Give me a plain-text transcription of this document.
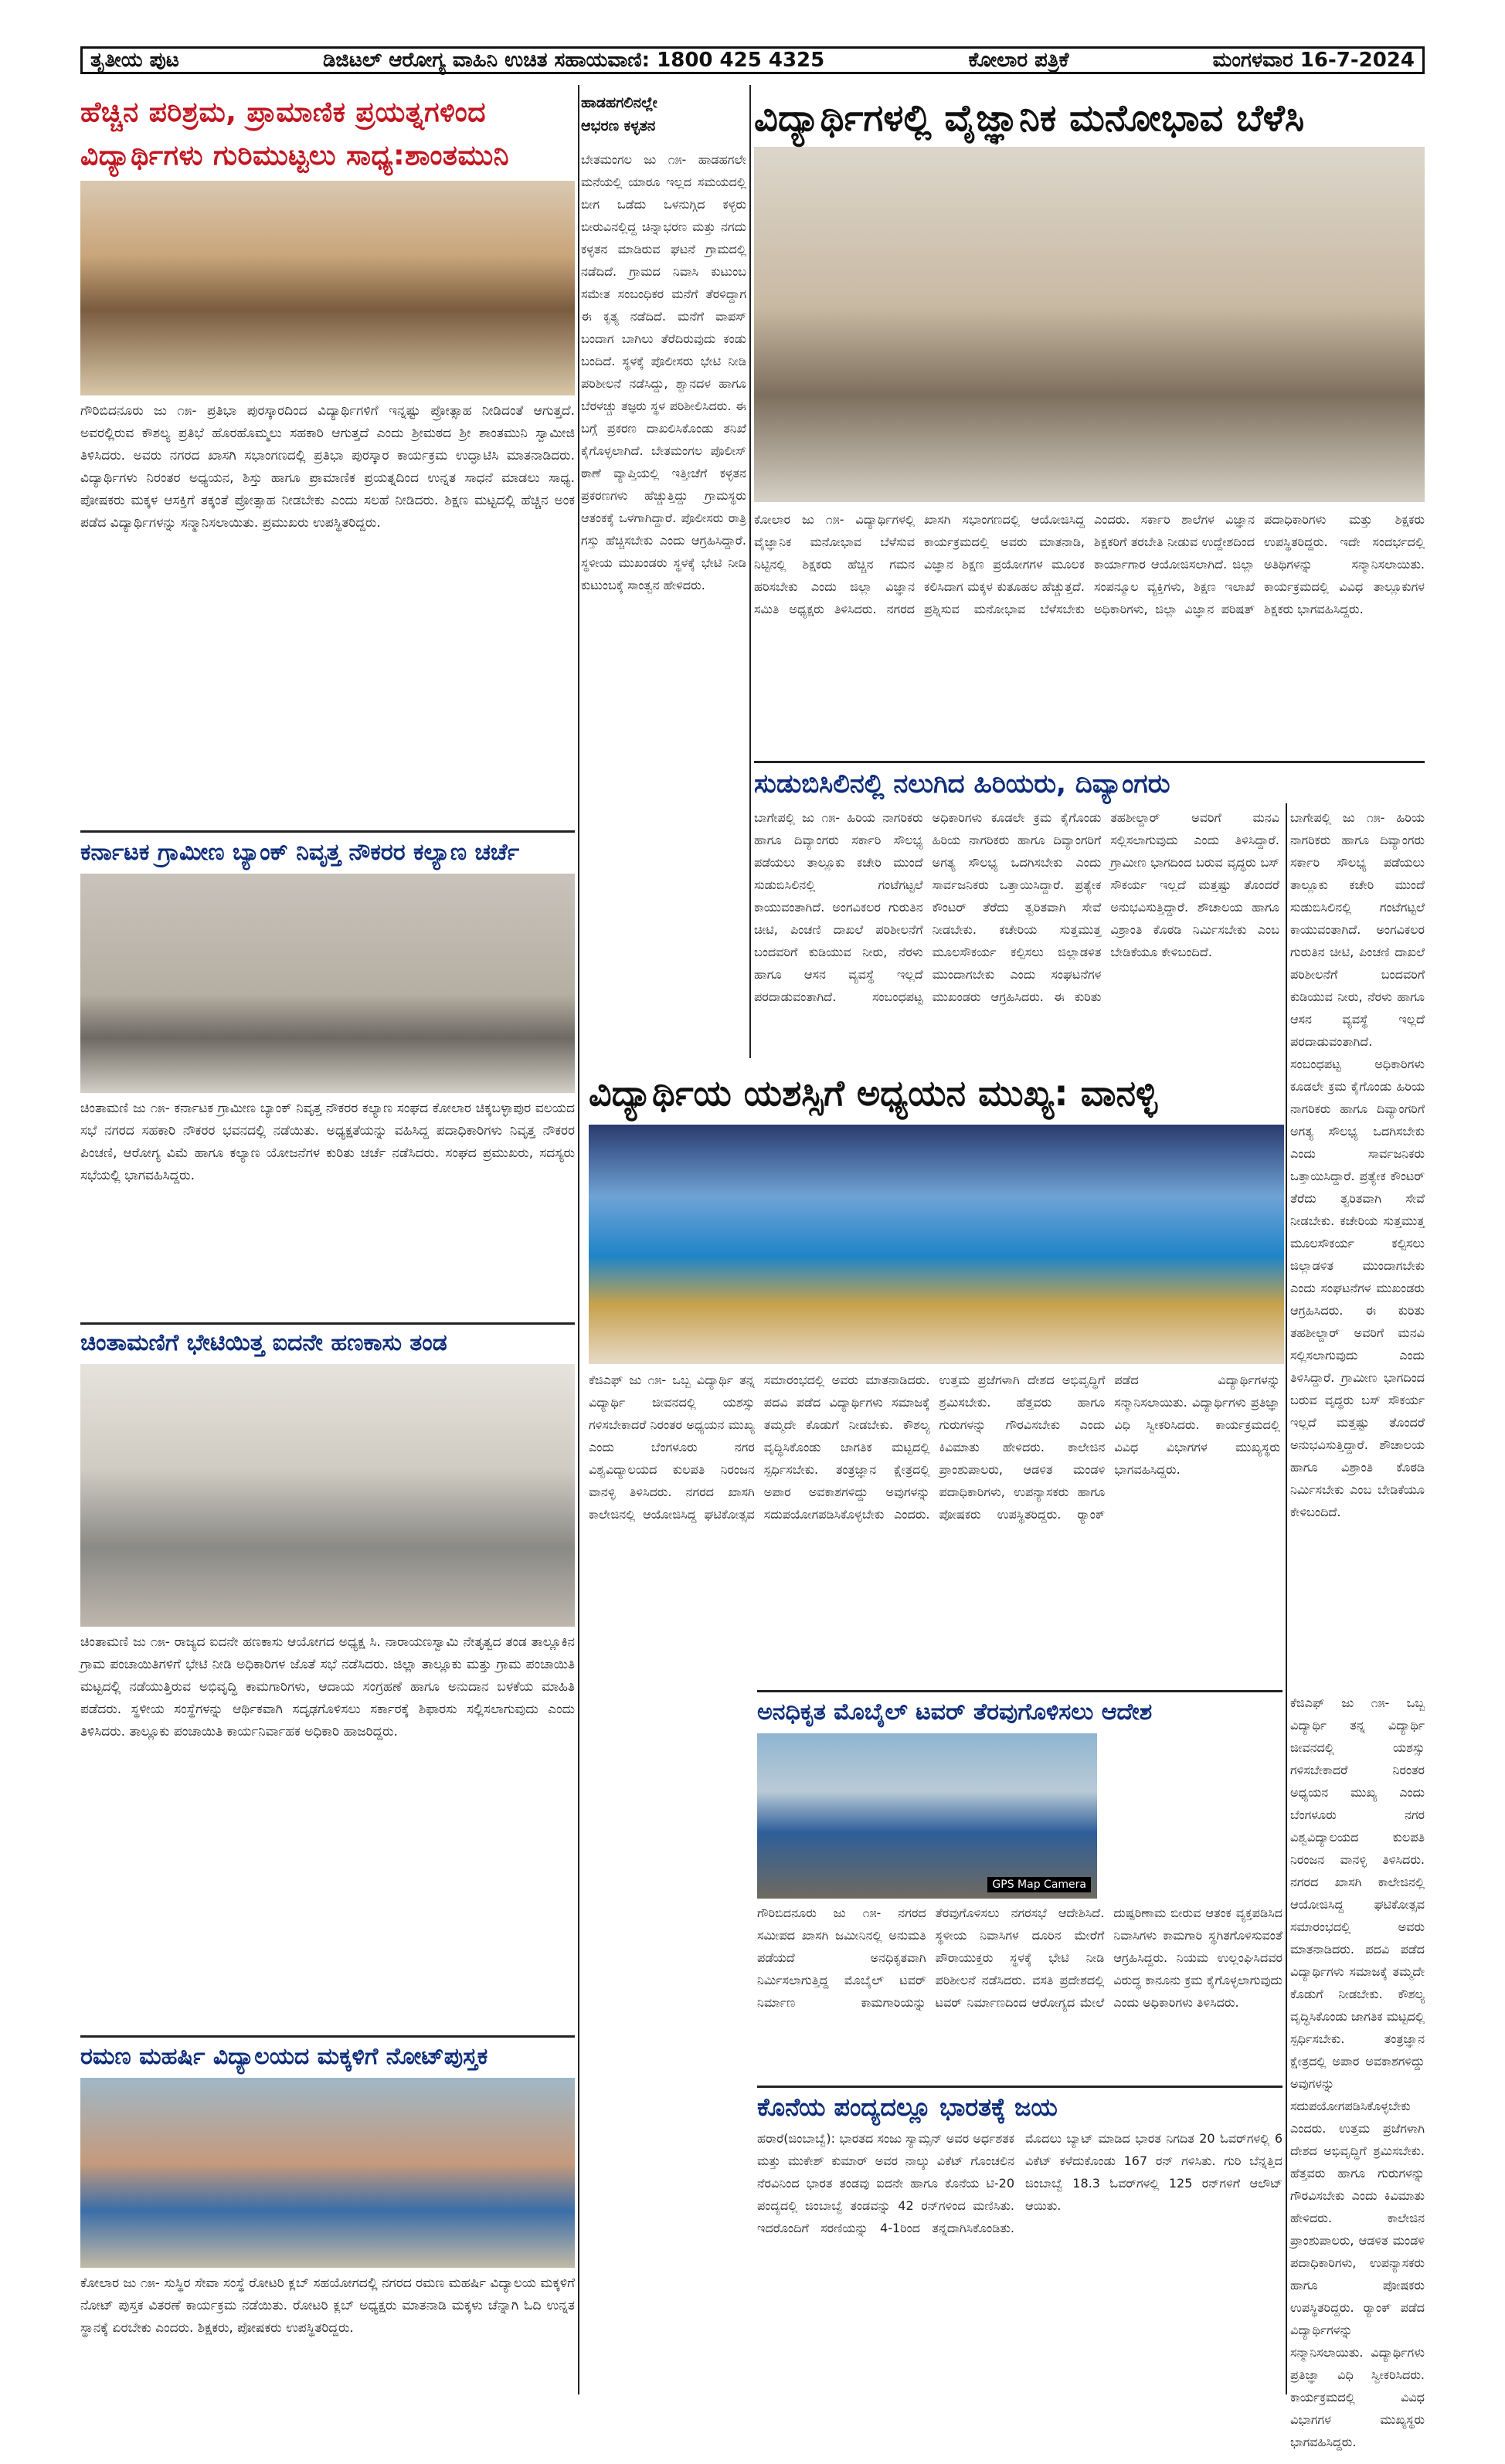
ತೃತೀಯ ಪುಟ	ಡಿಜಿಟಲ್ ಆರೋಗ್ಯ ವಾಹಿನಿ ಉಚಿತ ಸಹಾಯವಾಣಿ: 1800 425 4325	ಕೋಲಾರ ಪತ್ರಿಕೆ	ಮಂಗಳವಾರ 16-7-2024
ಹೆಚ್ಚಿನ ಪರಿಶ್ರಮ, ಪ್ರಾಮಾಣಿಕ ಪ್ರಯತ್ನಗಳಿಂದ
ವಿದ್ಯಾರ್ಥಿಗಳು ಗುರಿಮುಟ್ಟಲು ಸಾಧ್ಯ:ಶಾಂತಮುನಿ
ಗೌರಿಬಿದನೂರು ಜು ೧೫- ಪ್ರತಿಭಾ ಪುರಸ್ಕಾರದಿಂದ ವಿದ್ಯಾರ್ಥಿಗಳಿಗೆ ಇನ್ನಷ್ಟು ಪ್ರೋತ್ಸಾಹ ನೀಡಿದಂತೆ ಆಗುತ್ತದೆ. ಅವರಲ್ಲಿರುವ ಕೌಶಲ್ಯ ಪ್ರತಿಭೆ ಹೊರಹೊಮ್ಮಲು ಸಹಕಾರಿ ಆಗುತ್ತದೆ ಎಂದು ಶ್ರೀಮಠದ ಶ್ರೀ ಶಾಂತಮುನಿ ಸ್ವಾಮೀಜಿ ತಿಳಿಸಿದರು. ಅವರು ನಗರದ ಖಾಸಗಿ ಸಭಾಂಗಣದಲ್ಲಿ ಪ್ರತಿಭಾ ಪುರಸ್ಕಾರ ಕಾರ್ಯಕ್ರಮ ಉದ್ಘಾಟಿಸಿ ಮಾತನಾಡಿದರು. ವಿದ್ಯಾರ್ಥಿಗಳು ನಿರಂತರ ಅಧ್ಯಯನ, ಶಿಸ್ತು ಹಾಗೂ ಪ್ರಾಮಾಣಿಕ ಪ್ರಯತ್ನದಿಂದ ಉನ್ನತ ಸಾಧನೆ ಮಾಡಲು ಸಾಧ್ಯ. ಪೋಷಕರು ಮಕ್ಕಳ ಆಸಕ್ತಿಗೆ ತಕ್ಕಂತೆ ಪ್ರೋತ್ಸಾಹ ನೀಡಬೇಕು ಎಂದು ಸಲಹೆ ನೀಡಿದರು. ಶಿಕ್ಷಣ ಮಟ್ಟದಲ್ಲಿ ಹೆಚ್ಚಿನ ಅಂಕ ಪಡೆದ ವಿದ್ಯಾರ್ಥಿಗಳನ್ನು ಸನ್ಮಾನಿಸಲಾಯಿತು. ಪ್ರಮುಖರು ಉಪಸ್ಥಿತರಿದ್ದರು.
ಕರ್ನಾಟಕ ಗ್ರಾಮೀಣ ಬ್ಯಾಂಕ್ ನಿವೃತ್ತ ನೌಕರರ ಕಲ್ಯಾಣ ಚರ್ಚೆ
ಚಿಂತಾಮಣಿ ಜು ೧೫- ಕರ್ನಾಟಕ ಗ್ರಾಮೀಣ ಬ್ಯಾಂಕ್ ನಿವೃತ್ತ ನೌಕರರ ಕಲ್ಯಾಣ ಸಂಘದ ಕೋಲಾರ ಚಿಕ್ಕಬಳ್ಳಾಪುರ ವಲಯದ ಸಭೆ ನಗರದ ಸಹಕಾರಿ ನೌಕರರ ಭವನದಲ್ಲಿ ನಡೆಯಿತು. ಅಧ್ಯಕ್ಷತೆಯನ್ನು ವಹಿಸಿದ್ದ ಪದಾಧಿಕಾರಿಗಳು ನಿವೃತ್ತ ನೌಕರರ ಪಿಂಚಣಿ, ಆರೋಗ್ಯ ವಿಮೆ ಹಾಗೂ ಕಲ್ಯಾಣ ಯೋಜನೆಗಳ ಕುರಿತು ಚರ್ಚೆ ನಡೆಸಿದರು. ಸಂಘದ ಪ್ರಮುಖರು, ಸದಸ್ಯರು ಸಭೆಯಲ್ಲಿ ಭಾಗವಹಿಸಿದ್ದರು.
ಚಿಂತಾಮಣಿಗೆ ಭೇಟಿಯಿತ್ತ ಐದನೇ ಹಣಕಾಸು ತಂಡ
ಚಿಂತಾಮಣಿ ಜು ೧೫- ರಾಜ್ಯದ ಐದನೇ ಹಣಕಾಸು ಆಯೋಗದ ಅಧ್ಯಕ್ಷ ಸಿ. ನಾರಾಯಣಸ್ವಾಮಿ ನೇತೃತ್ವದ ತಂಡ ತಾಲ್ಲೂಕಿನ ಗ್ರಾಮ ಪಂಚಾಯಿತಿಗಳಿಗೆ ಭೇಟಿ ನೀಡಿ ಅಧಿಕಾರಿಗಳ ಜೊತೆ ಸಭೆ ನಡೆಸಿದರು. ಜಿಲ್ಲಾ ತಾಲ್ಲೂಕು ಮತ್ತು ಗ್ರಾಮ ಪಂಚಾಯಿತಿ ಮಟ್ಟದಲ್ಲಿ ನಡೆಯುತ್ತಿರುವ ಅಭಿವೃದ್ಧಿ ಕಾಮಗಾರಿಗಳು, ಆದಾಯ ಸಂಗ್ರಹಣೆ ಹಾಗೂ ಅನುದಾನ ಬಳಕೆಯ ಮಾಹಿತಿ ಪಡೆದರು. ಸ್ಥಳೀಯ ಸಂಸ್ಥೆಗಳನ್ನು ಆರ್ಥಿಕವಾಗಿ ಸದೃಢಗೊಳಿಸಲು ಸರ್ಕಾರಕ್ಕೆ ಶಿಫಾರಸು ಸಲ್ಲಿಸಲಾಗುವುದು ಎಂದು ತಿಳಿಸಿದರು. ತಾಲ್ಲೂಕು ಪಂಚಾಯಿತಿ ಕಾರ್ಯನಿರ್ವಾಹಕ ಅಧಿಕಾರಿ ಹಾಜರಿದ್ದರು.
ರಮಣ ಮಹರ್ಷಿ ವಿದ್ಯಾಲಯದ ಮಕ್ಕಳಿಗೆ ನೋಟ್‌ಪುಸ್ತಕ
ಕೋಲಾರ ಜು ೧೫- ಸುಸ್ಥಿರ ಸೇವಾ ಸಂಸ್ಥೆ ರೋಟರಿ ಕ್ಲಬ್ ಸಹಯೋಗದಲ್ಲಿ ನಗರದ ರಮಣ ಮಹರ್ಷಿ ವಿದ್ಯಾಲಯ ಮಕ್ಕಳಿಗೆ ನೋಟ್ ಪುಸ್ತಕ ವಿತರಣೆ ಕಾರ್ಯಕ್ರಮ ನಡೆಯಿತು. ರೋಟರಿ ಕ್ಲಬ್ ಅಧ್ಯಕ್ಷರು ಮಾತನಾಡಿ ಮಕ್ಕಳು ಚೆನ್ನಾಗಿ ಓದಿ ಉನ್ನತ ಸ್ಥಾನಕ್ಕೆ ಏರಬೇಕು ಎಂದರು. ಶಿಕ್ಷಕರು, ಪೋಷಕರು ಉಪಸ್ಥಿತರಿದ್ದರು.
ಹಾಡಹಗಲಿನಲ್ಲೇ
ಆಭರಣ ಕಳ್ಳತನ
ಬೇತಮಂಗಲ ಜು ೧೫- ಹಾಡಹಗಲೇ ಮನೆಯಲ್ಲಿ ಯಾರೂ ಇಲ್ಲದ ಸಮಯದಲ್ಲಿ ಬೀಗ ಒಡೆದು ಒಳನುಗ್ಗಿದ ಕಳ್ಳರು ಬೀರುವಿನಲ್ಲಿದ್ದ ಚಿನ್ನಾಭರಣ ಮತ್ತು ನಗದು ಕಳ್ಳತನ ಮಾಡಿರುವ ಘಟನೆ ಗ್ರಾಮದಲ್ಲಿ ನಡೆದಿದೆ. ಗ್ರಾಮದ ನಿವಾಸಿ ಕುಟುಂಬ ಸಮೇತ ಸಂಬಂಧಿಕರ ಮನೆಗೆ ತೆರಳಿದ್ದಾಗ ಈ ಕೃತ್ಯ ನಡೆದಿದೆ. ಮನೆಗೆ ವಾಪಸ್ ಬಂದಾಗ ಬಾಗಿಲು ತೆರೆದಿರುವುದು ಕಂಡು ಬಂದಿದೆ. ಸ್ಥಳಕ್ಕೆ ಪೊಲೀಸರು ಭೇಟಿ ನೀಡಿ ಪರಿಶೀಲನೆ ನಡೆಸಿದ್ದು, ಶ್ವಾನದಳ ಹಾಗೂ ಬೆರಳಚ್ಚು ತಜ್ಞರು ಸ್ಥಳ ಪರಿಶೀಲಿಸಿದರು. ಈ ಬಗ್ಗೆ ಪ್ರಕರಣ ದಾಖಲಿಸಿಕೊಂಡು ತನಿಖೆ ಕೈಗೊಳ್ಳಲಾಗಿದೆ. ಬೇತಮಂಗಲ ಪೊಲೀಸ್ ಠಾಣೆ ವ್ಯಾಪ್ತಿಯಲ್ಲಿ ಇತ್ತೀಚೆಗೆ ಕಳ್ಳತನ ಪ್ರಕರಣಗಳು ಹೆಚ್ಚುತ್ತಿದ್ದು ಗ್ರಾಮಸ್ಥರು ಆತಂಕಕ್ಕೆ ಒಳಗಾಗಿದ್ದಾರೆ. ಪೊಲೀಸರು ರಾತ್ರಿ ಗಸ್ತು ಹೆಚ್ಚಿಸಬೇಕು ಎಂದು ಆಗ್ರಹಿಸಿದ್ದಾರೆ. ಸ್ಥಳೀಯ ಮುಖಂಡರು ಸ್ಥಳಕ್ಕೆ ಭೇಟಿ ನೀಡಿ ಕುಟುಂಬಕ್ಕೆ ಸಾಂತ್ವನ ಹೇಳಿದರು.
ವಿದ್ಯಾರ್ಥಿಗಳಲ್ಲಿ ವೈಜ್ಞಾನಿಕ ಮನೋಭಾವ ಬೆಳೆಸಿ
ಕೋಲಾರ ಜು ೧೫- ವಿದ್ಯಾರ್ಥಿಗಳಲ್ಲಿ ವೈಜ್ಞಾನಿಕ ಮನೋಭಾವ ಬೆಳೆಸುವ ನಿಟ್ಟಿನಲ್ಲಿ ಶಿಕ್ಷಕರು ಹೆಚ್ಚಿನ ಗಮನ ಹರಿಸಬೇಕು ಎಂದು ಜಿಲ್ಲಾ ವಿಜ್ಞಾನ ಸಮಿತಿ ಅಧ್ಯಕ್ಷರು ತಿಳಿಸಿದರು. ನಗರದ ಖಾಸಗಿ ಸಭಾಂಗಣದಲ್ಲಿ ಆಯೋಜಿಸಿದ್ದ ಕಾರ್ಯಕ್ರಮದಲ್ಲಿ ಅವರು ಮಾತನಾಡಿ, ವಿಜ್ಞಾನ ಶಿಕ್ಷಣ ಪ್ರಯೋಗಗಳ ಮೂಲಕ ಕಲಿಸಿದಾಗ ಮಕ್ಕಳ ಕುತೂಹಲ ಹೆಚ್ಚುತ್ತದೆ. ಪ್ರಶ್ನಿಸುವ ಮನೋಭಾವ ಬೆಳೆಸಬೇಕು ಎಂದರು. ಸರ್ಕಾರಿ ಶಾಲೆಗಳ ವಿಜ್ಞಾನ ಶಿಕ್ಷಕರಿಗೆ ತರಬೇತಿ ನೀಡುವ ಉದ್ದೇಶದಿಂದ ಕಾರ್ಯಾಗಾರ ಆಯೋಜಿಸಲಾಗಿದೆ. ಜಿಲ್ಲಾ ಸಂಪನ್ಮೂಲ ವ್ಯಕ್ತಿಗಳು, ಶಿಕ್ಷಣ ಇಲಾಖೆ ಅಧಿಕಾರಿಗಳು, ಜಿಲ್ಲಾ ವಿಜ್ಞಾನ ಪರಿಷತ್ ಪದಾಧಿಕಾರಿಗಳು ಮತ್ತು ಶಿಕ್ಷಕರು ಉಪಸ್ಥಿತರಿದ್ದರು. ಇದೇ ಸಂದರ್ಭದಲ್ಲಿ ಅತಿಥಿಗಳನ್ನು ಸನ್ಮಾನಿಸಲಾಯಿತು. ಕಾರ್ಯಕ್ರಮದಲ್ಲಿ ವಿವಿಧ ತಾಲ್ಲೂಕುಗಳ ಶಿಕ್ಷಕರು ಭಾಗವಹಿಸಿದ್ದರು.
ಸುಡುಬಿಸಿಲಿನಲ್ಲಿ ನಲುಗಿದ ಹಿರಿಯರು, ದಿವ್ಯಾಂಗರು
ಬಾಗೇಪಲ್ಲಿ ಜು ೧೫- ಹಿರಿಯ ನಾಗರಿಕರು ಹಾಗೂ ದಿವ್ಯಾಂಗರು ಸರ್ಕಾರಿ ಸೌಲಭ್ಯ ಪಡೆಯಲು ತಾಲ್ಲೂಕು ಕಚೇರಿ ಮುಂದೆ ಸುಡುಬಿಸಿಲಿನಲ್ಲಿ ಗಂಟೆಗಟ್ಟಲೆ ಕಾಯುವಂತಾಗಿದೆ. ಅಂಗವಿಕಲರ ಗುರುತಿನ ಚೀಟಿ, ಪಿಂಚಣಿ ದಾಖಲೆ ಪರಿಶೀಲನೆಗೆ ಬಂದವರಿಗೆ ಕುಡಿಯುವ ನೀರು, ನೆರಳು ಹಾಗೂ ಆಸನ ವ್ಯವಸ್ಥೆ ಇಲ್ಲದೆ ಪರದಾಡುವಂತಾಗಿದೆ. ಸಂಬಂಧಪಟ್ಟ ಅಧಿಕಾರಿಗಳು ಕೂಡಲೇ ಕ್ರಮ ಕೈಗೊಂಡು ಹಿರಿಯ ನಾಗರಿಕರು ಹಾಗೂ ದಿವ್ಯಾಂಗರಿಗೆ ಅಗತ್ಯ ಸೌಲಭ್ಯ ಒದಗಿಸಬೇಕು ಎಂದು ಸಾರ್ವಜನಿಕರು ಒತ್ತಾಯಿಸಿದ್ದಾರೆ. ಪ್ರತ್ಯೇಕ ಕೌಂಟರ್ ತೆರೆದು ತ್ವರಿತವಾಗಿ ಸೇವೆ ನೀಡಬೇಕು. ಕಚೇರಿಯ ಸುತ್ತಮುತ್ತ ಮೂಲಸೌಕರ್ಯ ಕಲ್ಪಿಸಲು ಜಿಲ್ಲಾಡಳಿತ ಮುಂದಾಗಬೇಕು ಎಂದು ಸಂಘಟನೆಗಳ ಮುಖಂಡರು ಆಗ್ರಹಿಸಿದರು. ಈ ಕುರಿತು ತಹಶೀಲ್ದಾರ್ ಅವರಿಗೆ ಮನವಿ ಸಲ್ಲಿಸಲಾಗುವುದು ಎಂದು ತಿಳಿಸಿದ್ದಾರೆ. ಗ್ರಾಮೀಣ ಭಾಗದಿಂದ ಬರುವ ವೃದ್ಧರು ಬಸ್ ಸೌಕರ್ಯ ಇಲ್ಲದೆ ಮತ್ತಷ್ಟು ತೊಂದರೆ ಅನುಭವಿಸುತ್ತಿದ್ದಾರೆ. ಶೌಚಾಲಯ ಹಾಗೂ ವಿಶ್ರಾಂತಿ ಕೊಠಡಿ ನಿರ್ಮಿಸಬೇಕು ಎಂಬ ಬೇಡಿಕೆಯೂ ಕೇಳಿಬಂದಿದೆ.
ಬಾಗೇಪಲ್ಲಿ ಜು ೧೫- ಹಿರಿಯ ನಾಗರಿಕರು ಹಾಗೂ ದಿವ್ಯಾಂಗರು ಸರ್ಕಾರಿ ಸೌಲಭ್ಯ ಪಡೆಯಲು ತಾಲ್ಲೂಕು ಕಚೇರಿ ಮುಂದೆ ಸುಡುಬಿಸಿಲಿನಲ್ಲಿ ಗಂಟೆಗಟ್ಟಲೆ ಕಾಯುವಂತಾಗಿದೆ. ಅಂಗವಿಕಲರ ಗುರುತಿನ ಚೀಟಿ, ಪಿಂಚಣಿ ದಾಖಲೆ ಪರಿಶೀಲನೆಗೆ ಬಂದವರಿಗೆ ಕುಡಿಯುವ ನೀರು, ನೆರಳು ಹಾಗೂ ಆಸನ ವ್ಯವಸ್ಥೆ ಇಲ್ಲದೆ ಪರದಾಡುವಂತಾಗಿದೆ. ಸಂಬಂಧಪಟ್ಟ ಅಧಿಕಾರಿಗಳು ಕೂಡಲೇ ಕ್ರಮ ಕೈಗೊಂಡು ಹಿರಿಯ ನಾಗರಿಕರು ಹಾಗೂ ದಿವ್ಯಾಂಗರಿಗೆ ಅಗತ್ಯ ಸೌಲಭ್ಯ ಒದಗಿಸಬೇಕು ಎಂದು ಸಾರ್ವಜನಿಕರು ಒತ್ತಾಯಿಸಿದ್ದಾರೆ. ಪ್ರತ್ಯೇಕ ಕೌಂಟರ್ ತೆರೆದು ತ್ವರಿತವಾಗಿ ಸೇವೆ ನೀಡಬೇಕು. ಕಚೇರಿಯ ಸುತ್ತಮುತ್ತ ಮೂಲಸೌಕರ್ಯ ಕಲ್ಪಿಸಲು ಜಿಲ್ಲಾಡಳಿತ ಮುಂದಾಗಬೇಕು ಎಂದು ಸಂಘಟನೆಗಳ ಮುಖಂಡರು ಆಗ್ರಹಿಸಿದರು. ಈ ಕುರಿತು ತಹಶೀಲ್ದಾರ್ ಅವರಿಗೆ ಮನವಿ ಸಲ್ಲಿಸಲಾಗುವುದು ಎಂದು ತಿಳಿಸಿದ್ದಾರೆ. ಗ್ರಾಮೀಣ ಭಾಗದಿಂದ ಬರುವ ವೃದ್ಧರು ಬಸ್ ಸೌಕರ್ಯ ಇಲ್ಲದೆ ಮತ್ತಷ್ಟು ತೊಂದರೆ ಅನುಭವಿಸುತ್ತಿದ್ದಾರೆ. ಶೌಚಾಲಯ ಹಾಗೂ ವಿಶ್ರಾಂತಿ ಕೊಠಡಿ ನಿರ್ಮಿಸಬೇಕು ಎಂಬ ಬೇಡಿಕೆಯೂ ಕೇಳಿಬಂದಿದೆ.
ವಿದ್ಯಾರ್ಥಿಯ ಯಶಸ್ಸಿಗೆ ಅಧ್ಯಯನ ಮುಖ್ಯ: ವಾನಳ್ಳಿ
ಕೆಜಿಎಫ್ ಜು ೧೫- ಒಬ್ಬ ವಿದ್ಯಾರ್ಥಿ ತನ್ನ ವಿದ್ಯಾರ್ಥಿ ಜೀವನದಲ್ಲಿ ಯಶಸ್ಸು ಗಳಿಸಬೇಕಾದರೆ ನಿರಂತರ ಅಧ್ಯಯನ ಮುಖ್ಯ ಎಂದು ಬೆಂಗಳೂರು ನಗರ ವಿಶ್ವವಿದ್ಯಾಲಯದ ಕುಲಪತಿ ನಿರಂಜನ ವಾನಳ್ಳಿ ತಿಳಿಸಿದರು. ನಗರದ ಖಾಸಗಿ ಕಾಲೇಜಿನಲ್ಲಿ ಆಯೋಜಿಸಿದ್ದ ಘಟಿಕೋತ್ಸವ ಸಮಾರಂಭದಲ್ಲಿ ಅವರು ಮಾತನಾಡಿದರು. ಪದವಿ ಪಡೆದ ವಿದ್ಯಾರ್ಥಿಗಳು ಸಮಾಜಕ್ಕೆ ತಮ್ಮದೇ ಕೊಡುಗೆ ನೀಡಬೇಕು. ಕೌಶಲ್ಯ ವೃದ್ಧಿಸಿಕೊಂಡು ಜಾಗತಿಕ ಮಟ್ಟದಲ್ಲಿ ಸ್ಪರ್ಧಿಸಬೇಕು. ತಂತ್ರಜ್ಞಾನ ಕ್ಷೇತ್ರದಲ್ಲಿ ಅಪಾರ ಅವಕಾಶಗಳಿದ್ದು ಅವುಗಳನ್ನು ಸದುಪಯೋಗಪಡಿಸಿಕೊಳ್ಳಬೇಕು ಎಂದರು. ಉತ್ತಮ ಪ್ರಜೆಗಳಾಗಿ ದೇಶದ ಅಭಿವೃದ್ಧಿಗೆ ಶ್ರಮಿಸಬೇಕು. ಹೆತ್ತವರು ಹಾಗೂ ಗುರುಗಳನ್ನು ಗೌರವಿಸಬೇಕು ಎಂದು ಕಿವಿಮಾತು ಹೇಳಿದರು. ಕಾಲೇಜಿನ ಪ್ರಾಂಶುಪಾಲರು, ಆಡಳಿತ ಮಂಡಳಿ ಪದಾಧಿಕಾರಿಗಳು, ಉಪನ್ಯಾಸಕರು ಹಾಗೂ ಪೋಷಕರು ಉಪಸ್ಥಿತರಿದ್ದರು. ರ್‍ಯಾಂಕ್ ಪಡೆದ ವಿದ್ಯಾರ್ಥಿಗಳನ್ನು ಸನ್ಮಾನಿಸಲಾಯಿತು. ವಿದ್ಯಾರ್ಥಿಗಳು ಪ್ರತಿಜ್ಞಾ ವಿಧಿ ಸ್ವೀಕರಿಸಿದರು. ಕಾರ್ಯಕ್ರಮದಲ್ಲಿ ವಿವಿಧ ವಿಭಾಗಗಳ ಮುಖ್ಯಸ್ಥರು ಭಾಗವಹಿಸಿದ್ದರು.
ಕೆಜಿಎಫ್ ಜು ೧೫- ಒಬ್ಬ ವಿದ್ಯಾರ್ಥಿ ತನ್ನ ವಿದ್ಯಾರ್ಥಿ ಜೀವನದಲ್ಲಿ ಯಶಸ್ಸು ಗಳಿಸಬೇಕಾದರೆ ನಿರಂತರ ಅಧ್ಯಯನ ಮುಖ್ಯ ಎಂದು ಬೆಂಗಳೂರು ನಗರ ವಿಶ್ವವಿದ್ಯಾಲಯದ ಕುಲಪತಿ ನಿರಂಜನ ವಾನಳ್ಳಿ ತಿಳಿಸಿದರು. ನಗರದ ಖಾಸಗಿ ಕಾಲೇಜಿನಲ್ಲಿ ಆಯೋಜಿಸಿದ್ದ ಘಟಿಕೋತ್ಸವ ಸಮಾರಂಭದಲ್ಲಿ ಅವರು ಮಾತನಾಡಿದರು. ಪದವಿ ಪಡೆದ ವಿದ್ಯಾರ್ಥಿಗಳು ಸಮಾಜಕ್ಕೆ ತಮ್ಮದೇ ಕೊಡುಗೆ ನೀಡಬೇಕು. ಕೌಶಲ್ಯ ವೃದ್ಧಿಸಿಕೊಂಡು ಜಾಗತಿಕ ಮಟ್ಟದಲ್ಲಿ ಸ್ಪರ್ಧಿಸಬೇಕು. ತಂತ್ರಜ್ಞಾನ ಕ್ಷೇತ್ರದಲ್ಲಿ ಅಪಾರ ಅವಕಾಶಗಳಿದ್ದು ಅವುಗಳನ್ನು ಸದುಪಯೋಗಪಡಿಸಿಕೊಳ್ಳಬೇಕು ಎಂದರು. ಉತ್ತಮ ಪ್ರಜೆಗಳಾಗಿ ದೇಶದ ಅಭಿವೃದ್ಧಿಗೆ ಶ್ರಮಿಸಬೇಕು. ಹೆತ್ತವರು ಹಾಗೂ ಗುರುಗಳನ್ನು ಗೌರವಿಸಬೇಕು ಎಂದು ಕಿವಿಮಾತು ಹೇಳಿದರು. ಕಾಲೇಜಿನ ಪ್ರಾಂಶುಪಾಲರು, ಆಡಳಿತ ಮಂಡಳಿ ಪದಾಧಿಕಾರಿಗಳು, ಉಪನ್ಯಾಸಕರು ಹಾಗೂ ಪೋಷಕರು ಉಪಸ್ಥಿತರಿದ್ದರು. ರ್‍ಯಾಂಕ್ ಪಡೆದ ವಿದ್ಯಾರ್ಥಿಗಳನ್ನು ಸನ್ಮಾನಿಸಲಾಯಿತು. ವಿದ್ಯಾರ್ಥಿಗಳು ಪ್ರತಿಜ್ಞಾ ವಿಧಿ ಸ್ವೀಕರಿಸಿದರು. ಕಾರ್ಯಕ್ರಮದಲ್ಲಿ ವಿವಿಧ ವಿಭಾಗಗಳ ಮುಖ್ಯಸ್ಥರು ಭಾಗವಹಿಸಿದ್ದರು.
ಅನಧಿಕೃತ ಮೊಬೈಲ್ ಟವರ್ ತೆರವುಗೊಳಿಸಲು ಆದೇಶ
GPS Map Camera
ಗೌರಿಬಿದನೂರು ಜು ೧೫- ನಗರದ ಸಮೀಪದ ಖಾಸಗಿ ಜಮೀನಿನಲ್ಲಿ ಅನುಮತಿ ಪಡೆಯದೆ ಅನಧಿಕೃತವಾಗಿ ನಿರ್ಮಿಸಲಾಗುತ್ತಿದ್ದ ಮೊಬೈಲ್ ಟವರ್ ನಿರ್ಮಾಣ ಕಾಮಗಾರಿಯನ್ನು ತೆರವುಗೊಳಿಸಲು ನಗರಸಭೆ ಆದೇಶಿಸಿದೆ. ಸ್ಥಳೀಯ ನಿವಾಸಿಗಳ ದೂರಿನ ಮೇರೆಗೆ ಪೌರಾಯುಕ್ತರು ಸ್ಥಳಕ್ಕೆ ಭೇಟಿ ನೀಡಿ ಪರಿಶೀಲನೆ ನಡೆಸಿದರು. ವಸತಿ ಪ್ರದೇಶದಲ್ಲಿ ಟವರ್ ನಿರ್ಮಾಣದಿಂದ ಆರೋಗ್ಯದ ಮೇಲೆ ದುಷ್ಪರಿಣಾಮ ಬೀರುವ ಆತಂಕ ವ್ಯಕ್ತಪಡಿಸಿದ ನಿವಾಸಿಗಳು ಕಾಮಗಾರಿ ಸ್ಥಗಿತಗೊಳಿಸುವಂತೆ ಆಗ್ರಹಿಸಿದ್ದರು. ನಿಯಮ ಉಲ್ಲಂಘಿಸಿದವರ ವಿರುದ್ಧ ಕಾನೂನು ಕ್ರಮ ಕೈಗೊಳ್ಳಲಾಗುವುದು ಎಂದು ಅಧಿಕಾರಿಗಳು ತಿಳಿಸಿದರು.
ಕೊನೆಯ ಪಂದ್ಯದಲ್ಲೂ ಭಾರತಕ್ಕೆ ಜಯ
ಹರಾರೆ(ಜಿಂಬಾಬ್ವೆ): ಭಾರತದ ಸಂಜು ಸ್ಯಾಮ್ಸನ್ ಅವರ ಅರ್ಧಶತಕ ಮತ್ತು ಮುಕೇಶ್ ಕುಮಾರ್ ಅವರ ನಾಲ್ಕು ವಿಕೆಟ್ ಗೊಂಚಲಿನ ನೆರವಿನಿಂದ ಭಾರತ ತಂಡವು ಐದನೇ ಹಾಗೂ ಕೊನೆಯ ಟಿ-20 ಪಂದ್ಯದಲ್ಲಿ ಜಿಂಬಾಬ್ವೆ ತಂಡವನ್ನು 42 ರನ್‌ಗಳಿಂದ ಮಣಿಸಿತು. ಇದರೊಂದಿಗೆ ಸರಣಿಯನ್ನು 4-1ರಿಂದ ತನ್ನದಾಗಿಸಿಕೊಂಡಿತು. ಮೊದಲು ಬ್ಯಾಟ್ ಮಾಡಿದ ಭಾರತ ನಿಗದಿತ 20 ಓವರ್‌ಗಳಲ್ಲಿ 6 ವಿಕೆಟ್ ಕಳೆದುಕೊಂಡು 167 ರನ್ ಗಳಿಸಿತು. ಗುರಿ ಬೆನ್ನತ್ತಿದ ಜಿಂಬಾಬ್ವೆ 18.3 ಓವರ್‌ಗಳಲ್ಲಿ 125 ರನ್‌ಗಳಿಗೆ ಆಲೌಟ್ ಆಯಿತು.
